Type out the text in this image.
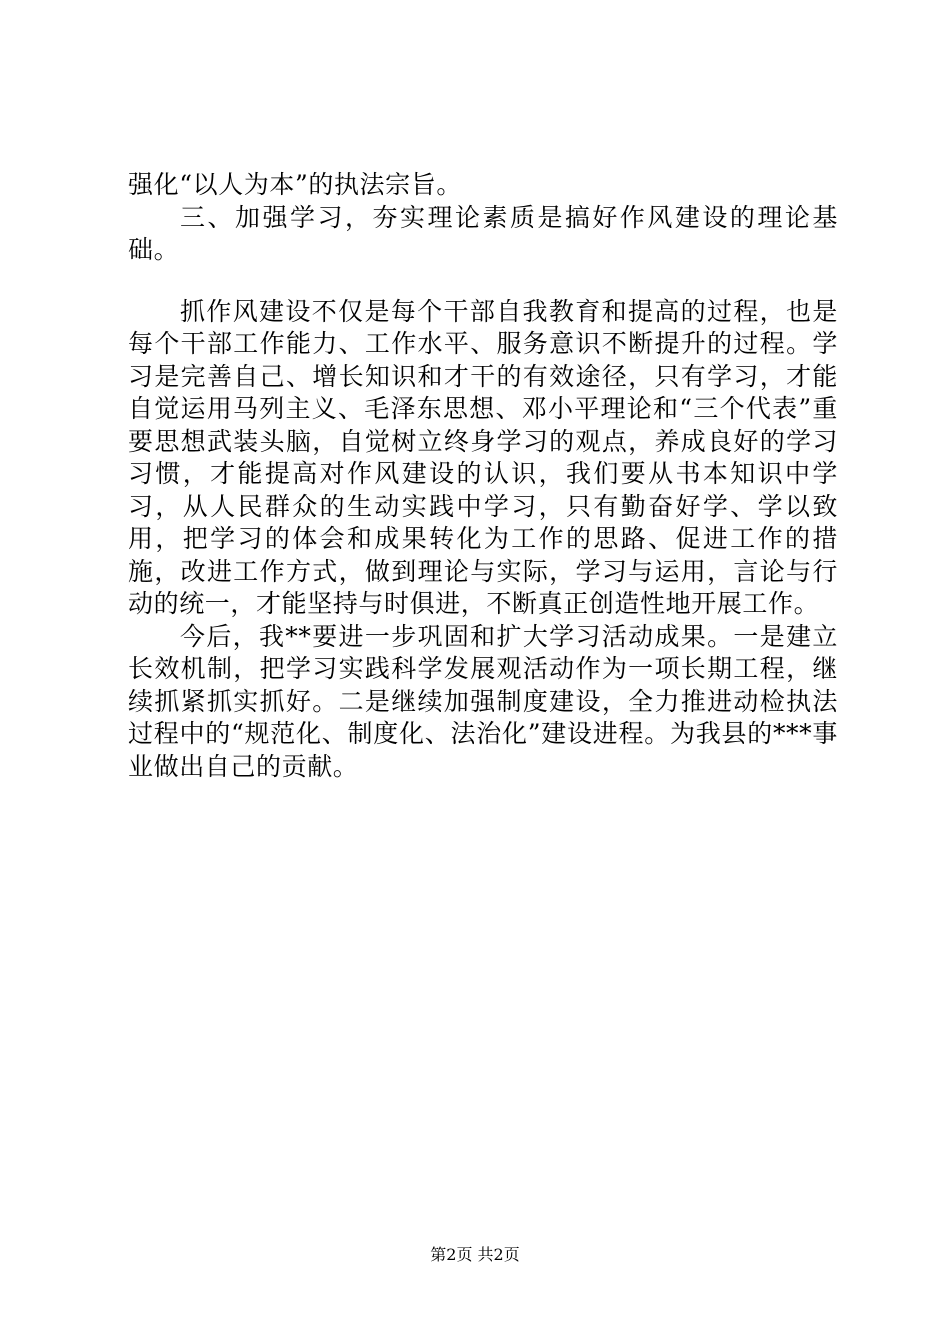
强化“以人为本”的执法宗旨。

三、加强学习，夯实理论素质是搞好作风建设的理论基础。

抓作风建设不仅是每个干部自我教育和提高的过程，也是每个干部工作能力、工作水平、服务意识不断提升的过程。学习是完善自己、增长知识和才干的有效途径，只有学习，才能自觉运用马列主义、毛泽东思想、邓小平理论和“三个代表”重要思想武装头脑，自觉树立终身学习的观点，养成良好的学习习惯，才能提高对作风建设的认识，我们要从书本知识中学习，从人民群众的生动实践中学习，只有勤奋好学、学以致用，把学习的体会和成果转化为工作的思路、促进工作的措施，改进工作方式，做到理论与实际，学习与运用，言论与行动的统一，才能坚持与时俱进，不断真正创造性地开展工作。

今后，我**要进一步巩固和扩大学习活动成果。一是建立长效机制，把学习实践科学发展观活动作为一项长期工程，继续抓紧抓实抓好。二是继续加强制度建设，全力推进动检执法过程中的“规范化、制度化、法治化”建设进程。为我县的***事业做出自己的贡献。

第2页 共2页
